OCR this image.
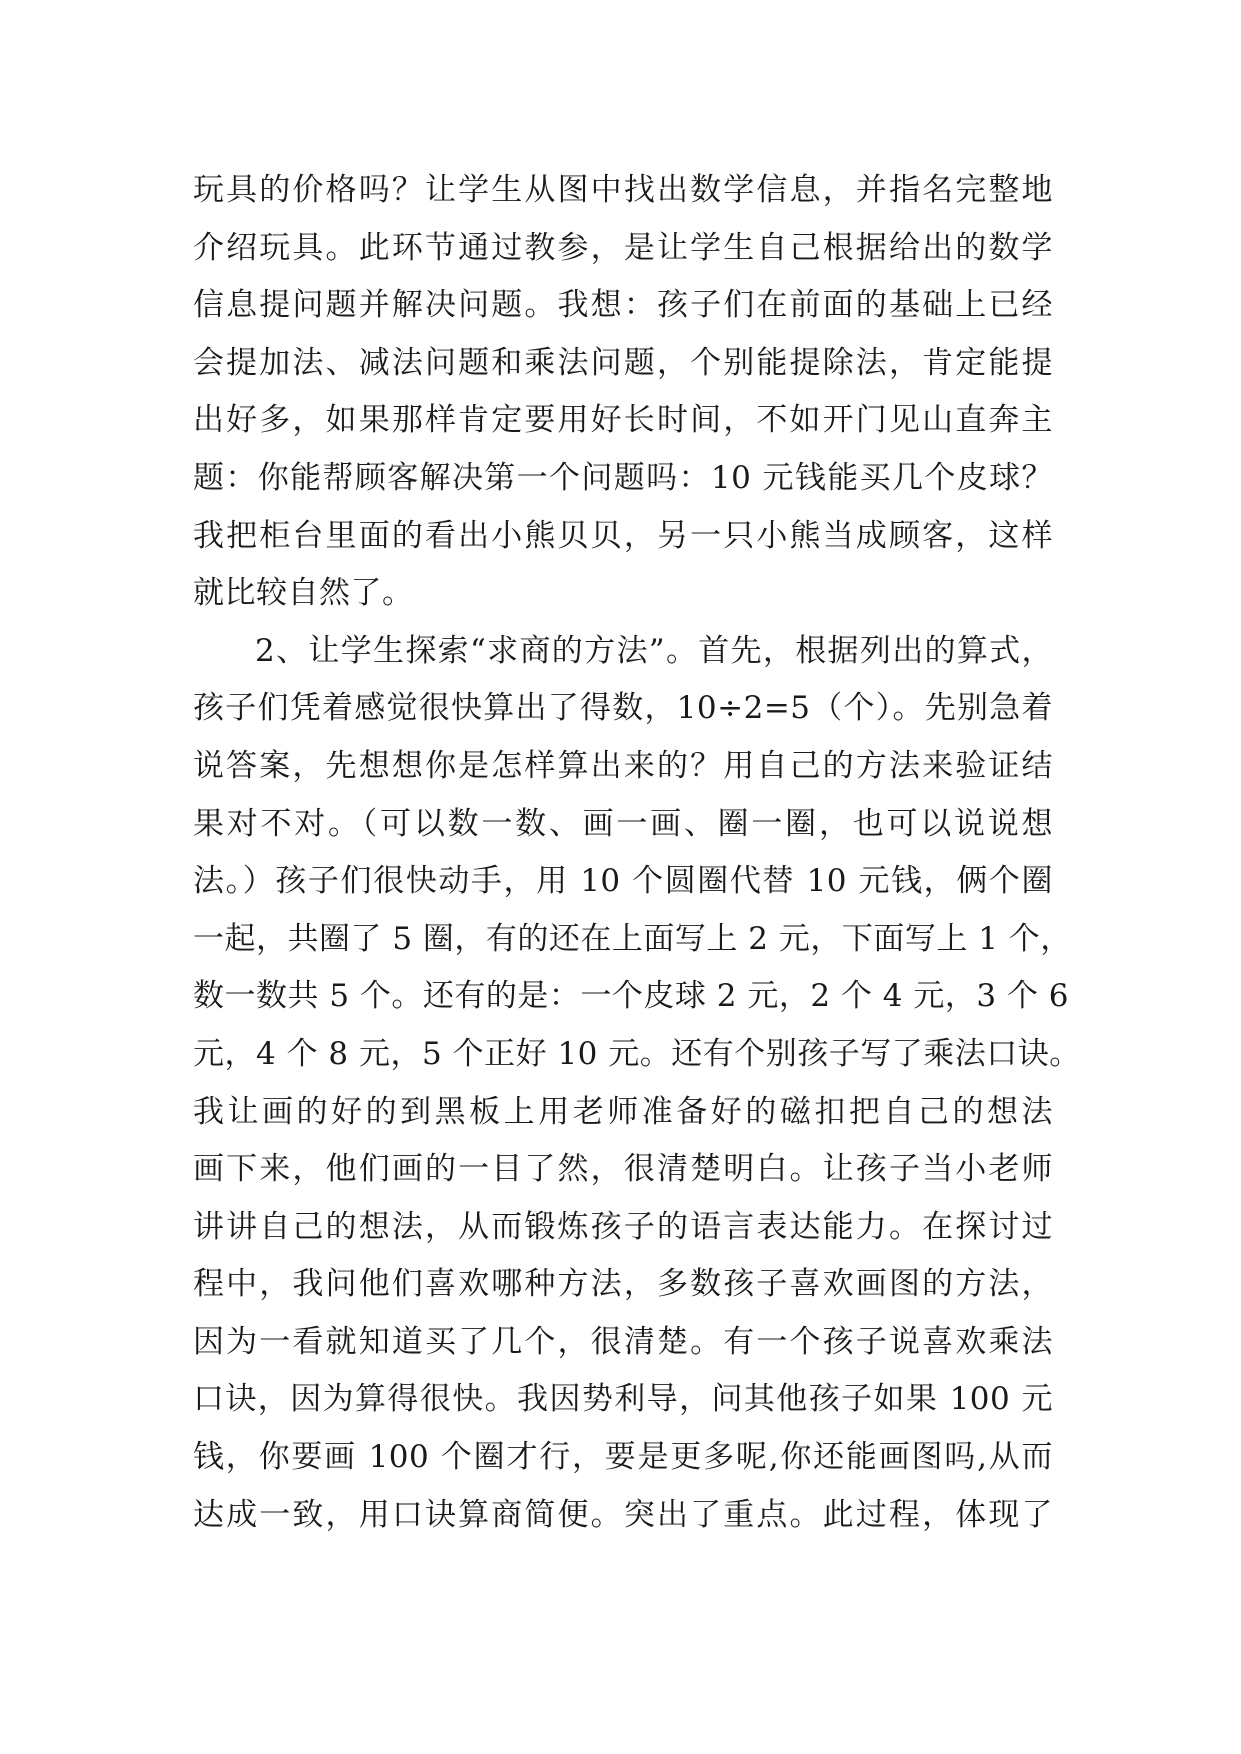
玩具的价格吗？让学生从图中找出数学信息，并指名完整地
介绍玩具。此环节通过教参，是让学生自己根据给出的数学
信息提问题并解决问题。我想：孩子们在前面的基础上已经
会提加法、减法问题和乘法问题，个别能提除法，肯定能提
出好多，如果那样肯定要用好长时间，不如开门见山直奔主
题：你能帮顾客解决第一个问题吗：10 元钱能买几个皮球？
我把柜台里面的看出小熊贝贝，另一只小熊当成顾客，这样
就比较自然了。
2、让学生探索“求商的方法”。首先，根据列出的算式，
孩子们凭着感觉很快算出了得数，10÷2=5（个）。先别急着
说答案，先想想你是怎样算出来的？用自己的方法来验证结
果对不对。（可以数一数、画一画、圈一圈，也可以说说想
法。）孩子们很快动手，用 10 个圆圈代替 10 元钱，俩个圈
一起，共圈了 5 圈，有的还在上面写上 2 元，下面写上 1 个，
数一数共 5 个。还有的是：一个皮球 2 元，2 个 4 元，3 个 6
元，4 个 8 元，5 个正好 10 元。还有个别孩子写了乘法口诀。
我让画的好的到黑板上用老师准备好的磁扣把自己的想法
画下来，他们画的一目了然，很清楚明白。让孩子当小老师
讲讲自己的想法，从而锻炼孩子的语言表达能力。在探讨过
程中，我问他们喜欢哪种方法，多数孩子喜欢画图的方法，
因为一看就知道买了几个，很清楚。有一个孩子说喜欢乘法
口诀，因为算得很快。我因势利导，问其他孩子如果 100 元
钱，你要画 100 个圈才行，要是更多呢,你还能画图吗,从而
达成一致，用口诀算商简便。突出了重点。此过程，体现了
